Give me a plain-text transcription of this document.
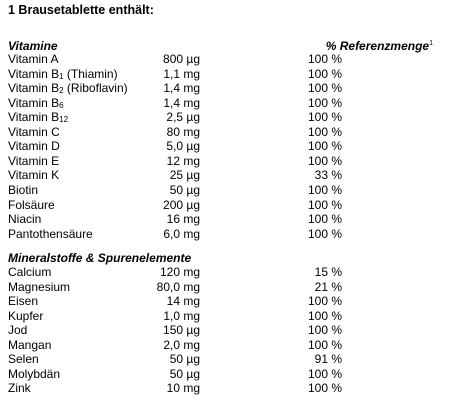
1 Brausetablette enthält:
Vitamine	% Referenzmenge$^1$
Vitamin A	800 µg	100 %
Vitamin $B_1$ (Thiamin)	1,1 mg	100 %
Vitamin $B_2$ (Riboflavin)	1,4 mg	100 %
Vitamin $B_6$	1,4 mg	100 %
Vitamin $B_{12}$	2,5 µg	100 %
Vitamin C	80 mg	100 %
Vitamin D	5,0 µg	100 %
Vitamin E	12 mg	100 %
Vitamin K	25 µg	33 %
Biotin	50 µg	100 %
Folsäure	200 µg	100 %
Niacin	16 mg	100 %
Pantothensäure	6,0 mg	100 %
Mineralstoffe & Spurenelemente
Calcium	120 mg	15 %
Magnesium	80,0 mg	21 %
Eisen	14 mg	100 %
Kupfer	1,0 mg	100 %
Jod	150 µg	100 %
Mangan	2,0 mg	100 %
Selen	50 µg	91 %
Molybdän	50 µg	100 %
Zink	10 mg	100 %
